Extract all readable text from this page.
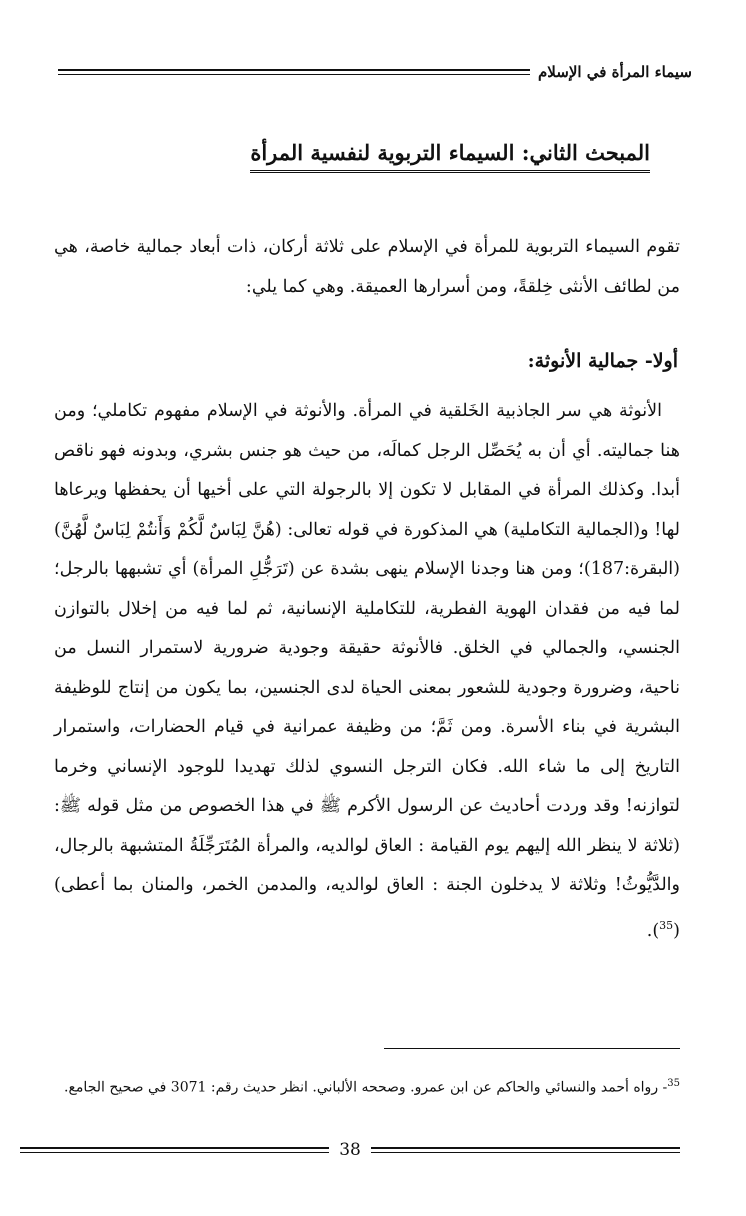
سيماء المرأة في الإسلام
المبحث الثاني: السيماء التربوية لنفسية المرأة

تقوم السيماء التربوية للمرأة في الإسلام على ثلاثة أركان، ذات أبعاد جمالية خاصة، هي من لطائف الأنثى خِلقةً، ومن أسرارها العميقة. وهي كما يلي:

أولا- جمالية الأنوثة:

الأنوثة هي سر الجاذبية الخَلقية في المرأة. والأنوثة في الإسلام مفهوم تكاملي؛ ومن هنا جماليته. أي أن به يُحَصِّل الرجل كمالَه، من حيث هو جنس بشري، وبدونه فهو ناقص أبدا. وكذلك المرأة في المقابل لا تكون إلا بالرجولة التي على أخيها أن يحفظها ويرعاها لها! و(الجمالية التكاملية) هي المذكورة في قوله تعالى: (هُنَّ لِبَاسٌ لَّكُمْ وَأَنتُمْ لِبَاسٌ لَّهُنَّ)(البقرة:187)؛ ومن هنا وجدنا الإسلام ينهى بشدة عن (تَرَجُّلِ المرأة) أي تشبهها بالرجل؛ لما فيه من فقدان الهوية الفطرية، للتكاملية الإنسانية، ثم لما فيه من إخلال بالتوازن الجنسي، والجمالي في الخلق. فالأنوثة حقيقة وجودية ضرورية لاستمرار النسل من ناحية، وضرورة وجودية للشعور بمعنى الحياة لدى الجنسين، بما يكون من إنتاج للوظيفة البشرية في بناء الأسرة. ومن ثَمَّ؛ من وظيفة عمرانية في قيام الحضارات، واستمرار التاريخ إلى ما شاء الله. فكان الترجل النسوي لذلك تهديدا للوجود الإنساني وخرما لتوازنه! وقد وردت أحاديث عن الرسول الأكرم ﷺ في هذا الخصوص من مثل قوله ﷺ: (ثلاثة لا ينظر الله إليهم يوم القيامة : العاق لوالديه، والمرأة المُتَرَجِّلَةُ المتشبهة بالرجال، والدَّيُّوثُ! وثلاثة لا يدخلون الجنة : العاق لوالديه، والمدمن الخمر، والمنان بما أعطى)($^{35}$).

$^{35}$- رواه أحمد والنسائي والحاكم عن ابن عمرو. وصححه الألباني. انظر حديث رقم: 3071 في صحيح الجامع.
38
